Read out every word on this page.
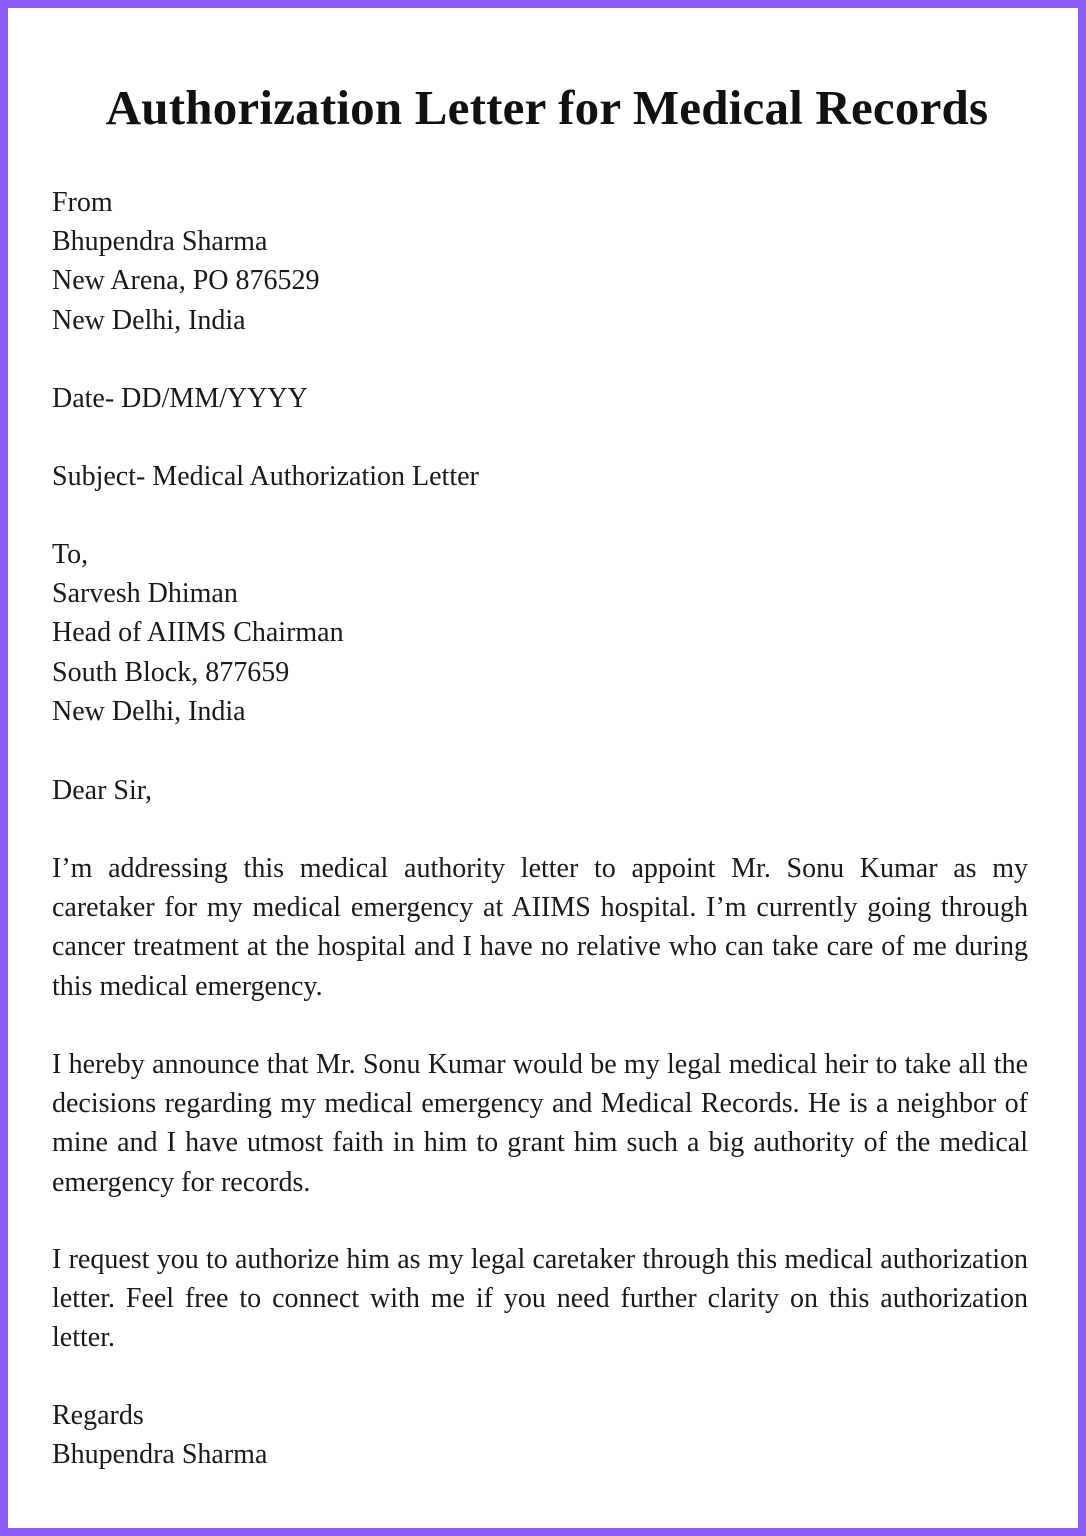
Authorization Letter for Medical Records
From
Bhupendra Sharma
New Arena, PO 876529
New Delhi, India
Date- DD/MM/YYYY
Subject- Medical Authorization Letter
To,
Sarvesh Dhiman
Head of AIIMS Chairman
South Block, 877659
New Delhi, India
Dear Sir,

I’m addressing this medical authority letter to appoint Mr. Sonu Kumar as my caretaker for my medical emergency at AIIMS hospital. I’m currently going through cancer treatment at the hospital and I have no relative who can take care of me during this medical emergency.

I hereby announce that Mr. Sonu Kumar would be my legal medical heir to take all the decisions regarding my medical emergency and Medical Records. He is a neighbor of mine and I have utmost faith in him to grant him such a big authority of the medical emergency for records.

I request you to authorize him as my legal caretaker through this medical authorization letter. Feel free to connect with me if you need further clarity on this authorization letter.

Regards
Bhupendra Sharma
